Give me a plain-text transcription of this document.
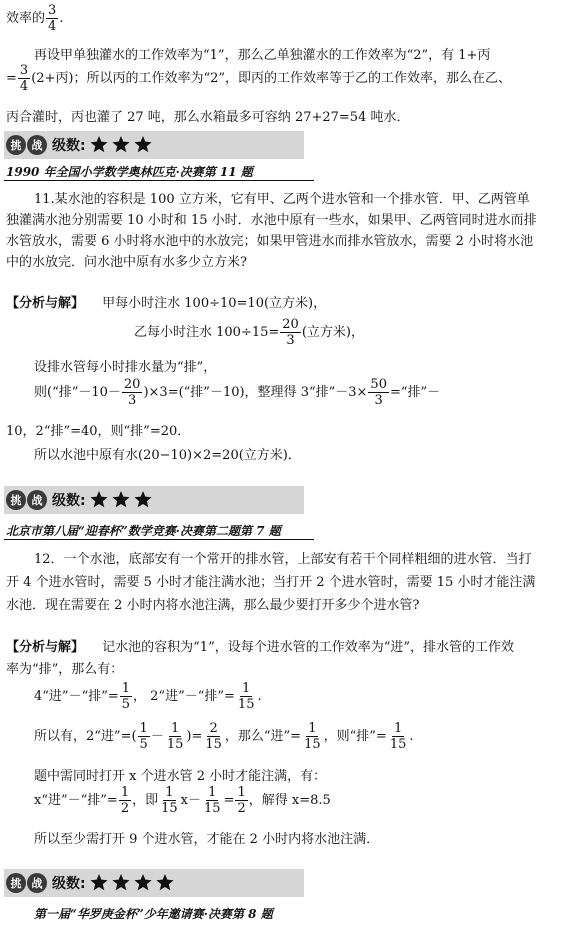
效率的 $\frac{3}{4}$ .
再设甲单独灌水的工作效率为“1”，那么乙单独灌水的工作效率为“2”，有 1+丙
= $\frac{3}{4} (2+$丙)；所以丙的工作效率为“2”，即丙的工作效率等于乙的工作效率，那么在乙、
丙合灌时，丙也灌了 27 吨，那么水箱最多可容纳 27+27=54 吨水．
挑 战 级数:
1990 年全国小学数学奥林匹克·决赛第 11 题
11.某水池的容积是 100 立方米，它有甲、乙两个进水管和一个排水管．甲、乙两管单
独灌满水池分别需要 10 小时和 15 小时．水池中原有一些水，如果甲、乙两管同时进水而排
水管放水，需要 6 小时将水池中的水放完；如果甲管进水而排水管放水，需要 2 小时将水池
中的水放完．问水池中原有水多少立方米?
【分析与解】 甲每小时注水 100÷10=10(立方米)，
乙每小时注水 $100\div 15= \frac{20}{3}$ (立方米)，
设排水管每小时排水量为“排”，
则(“排”－10－ $\frac{20}{3}$ )×3=(“排”－10)，整理得 3“排”－3× $\frac{50}{3}$ =“排”－
10，2“排”=40，则“排”=20．
所以水池中原有水(20−10)×2=20(立方米)．
挑 战 级数:
北京市第八届“迎春杯”数学竞赛·决赛第二题第 7 题
12．一个水池，底部安有一个常开的排水管，上部安有若干个同样粗细的进水管．当打
开 4 个进水管时，需要 5 小时才能注满水池；当打开 2 个进水管时，需要 15 小时才能注满
水池．现在需要在 2 小时内将水池注满，那么最少要打开多少个进水管?
【分析与解】 记水池的容积为“1”，设每个进水管的工作效率为“进”，排水管的工作效
率为“排”，那么有：
4“进”－“排”= $\frac{1}{5}$ ， 2“进”－“排”= $\frac{1}{15}$ .
所以有，2“进”=( $\frac{1}{5} - \frac{1}{15}$ )= $\frac{2}{15}$ ，那么“进”= $\frac{1}{15}$ ，则“排”= $\frac{1}{15}$ .
题中需同时打开 x 个进水管 2 小时才能注满，有：
x“进”－“排”= $\frac{1}{2}$ ，即 $\frac{1}{15} x- \frac{1}{15} = \frac{1}{2}$ ，解得 x=8.5
所以至少需打开 9 个进水管，才能在 2 小时内将水池注满．
挑 战 级数:
第一届“华罗庚金杯”少年邀请赛·决赛第 8 题
